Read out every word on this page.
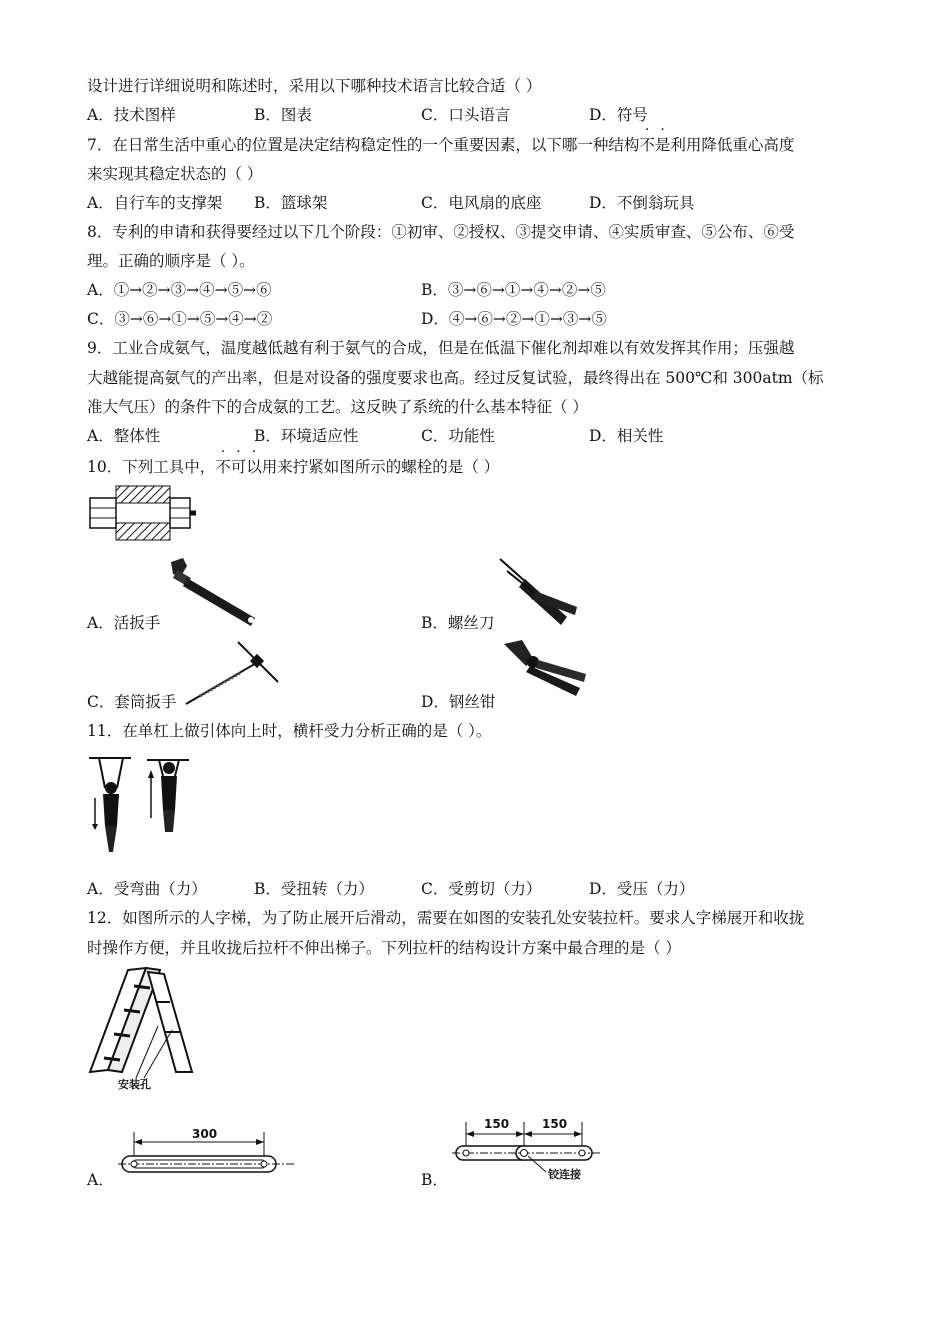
设计进行详细说明和陈述时，采用以下哪种技术语言比较合适（ ）
A．技术图样	B．图表	C．口头语言	D．符号
7．在日常生活中重心的位置是决定结构稳定性的一个重要因素，以下哪一种结构不是利用降低重心高度
来实现其稳定状态的（ ）
A．自行车的支撑架 B．篮球架	C．电风扇的底座	D．不倒翁玩具
8．专利的申请和获得要经过以下几个阶段：①初审、②授权、③提交申请、④实质审查、⑤公布、⑥受
理。正确的顺序是（ ）。
A．①→②→③→④→⑤→⑥	B．③→⑥→①→④→②→⑤
C．③→⑥→①→⑤→④→②	D．④→⑥→②→①→③→⑤
9．工业合成氨气，温度越低越有利于氨气的合成，但是在低温下催化剂却难以有效发挥其作用；压强越
大越能提高氨气的产出率，但是对设备的强度要求也高。经过反复试验，最终得出在 500℃和 300atm（标
准大气压）的条件下的合成氨的工艺。这反映了系统的什么基本特征（ ）
A．整体性	B．环境适应性	C．功能性	D．相关性
10．下列工具中，不可以用来拧紧如图所示的螺栓的是（ ）
A．活扳手	B．螺丝刀
C．套筒扳手	D．钢丝钳
11．在单杠上做引体向上时，横杆受力分析正确的是（ ）。
A．受弯曲（力）	B．受扭转（力）	C．受剪切（力）	D．受压（力）
12．如图所示的人字梯，为了防止展开后滑动，需要在如图的安装孔处安装拉杆。要求人字梯展开和收拢
时操作方便，并且收拢后拉杆不伸出梯子。下列拉杆的结构设计方案中最合理的是（ ）
安装孔
300
A．
150	150
铰连接
B．
